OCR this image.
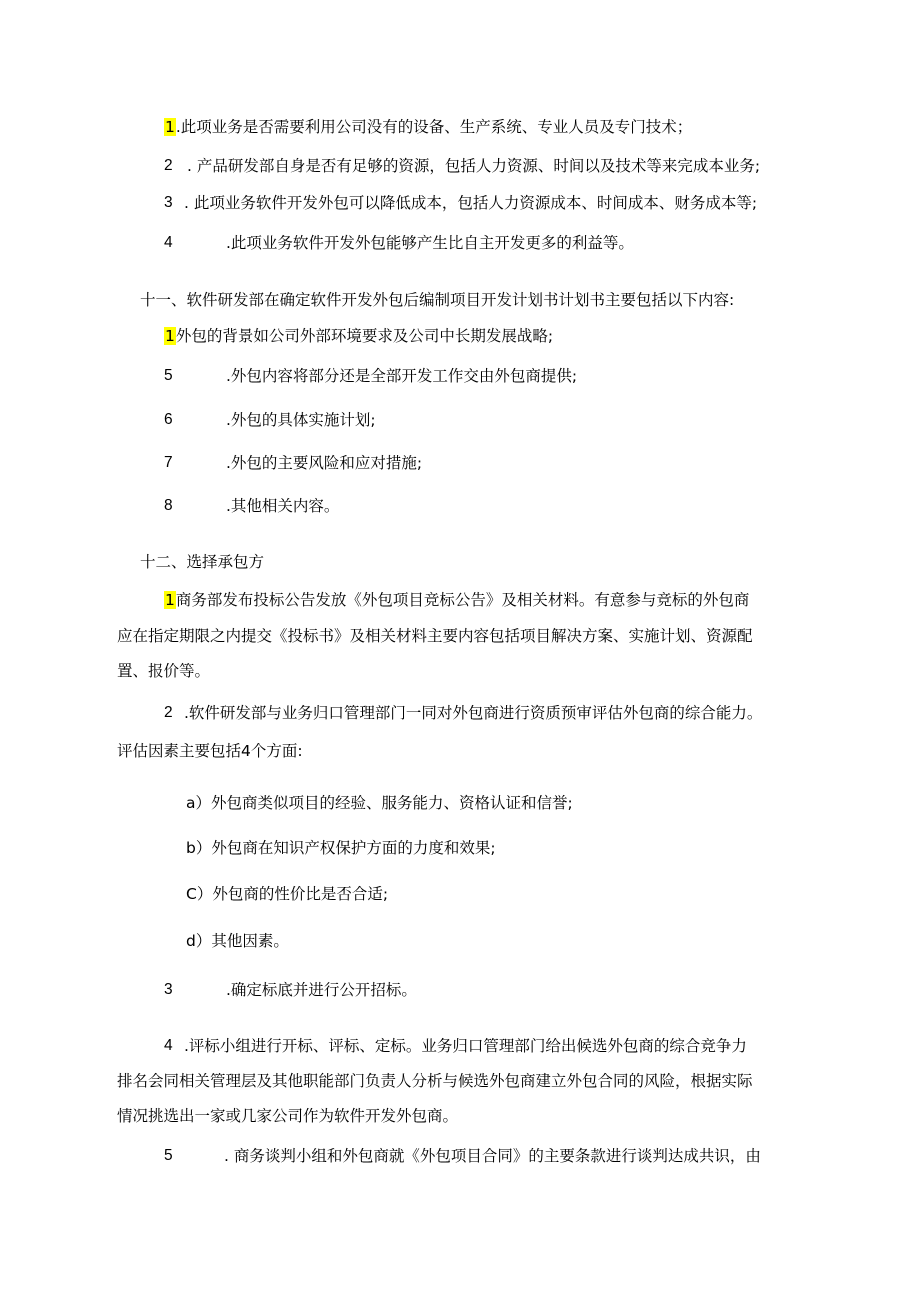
1.此项业务是否需要利用公司没有的设备、生产系统、专业人员及专门技术；
2 . 产品研发部自身是否有足够的资源，包括人力资源、时间以及技术等来完成本业务;
3 . 此项业务软件开发外包可以降低成本，包括人力资源成本、时间成本、财务成本等;
4	.此项业务软件开发外包能够产生比自主开发更多的利益等。
十一、软件研发部在确定软件开发外包后编制项目开发计划书计划书主要包括以下内容:
1外包的背景如公司外部环境要求及公司中长期发展战略;
5	.外包内容将部分还是全部开发工作交由外包商提供;
6	.外包的具体实施计划;
7	.外包的主要风险和应对措施;
8	.其他相关内容。
十二、选择承包方
1商务部发布投标公告发放《外包项目竞标公告》及相关材料。有意参与竞标的外包商
应在指定期限之内提交《投标书》及相关材料主要内容包括项目解决方案、实施计划、资源配
置、报价等。
2 .软件研发部与业务归口管理部门一同对外包商进行资质预审评估外包商的综合能力。
评估因素主要包括4个方面:
a）外包商类似项目的经验、服务能力、资格认证和信誉;
b）外包商在知识产权保护方面的力度和效果;
C）外包商的性价比是否合适;
d）其他因素。
3	.确定标底并进行公开招标。
4 .评标小组进行开标、评标、定标。业务归口管理部门给出候选外包商的综合竞争力
排名会同相关管理层及其他职能部门负责人分析与候选外包商建立外包合同的风险，根据实际
情况挑选出一家或几家公司作为软件开发外包商。
5	. 商务谈判小组和外包商就《外包项目合同》的主要条款进行谈判达成共识，由
